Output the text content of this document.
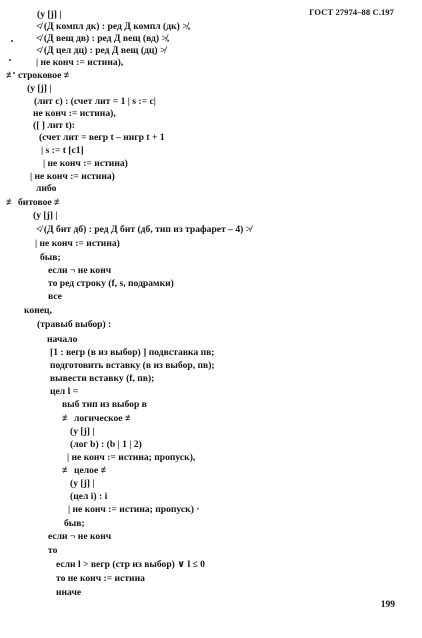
ГОСТ 27974–88 С.197
(у [j] |
≮ (Д компл дк) : ред Д компл (дк) ≯,
≮ (Д вещ дв) : ред Д вещ (вд) ≯,
≮ (Д цел дц) : ред Д вещ (дц) ≯
| не конч := истина),
≢ строковое ≢
(у [j] |
(лит с) : (счет лит = 1 | s := c|
не конч := истина),
([ ] лит t):
(счет лит = вегр t – нигр t + 1
| s := t [c1]
| не конч := истина)
| не конч := истина)
либо
≢ битовое ≢
(у [j] |
≮ (Д бит дб) : ред Д бит (дб, тип из трафарет – 4) ≯
| не конч := истина)
быв;
если ¬ не конч
то ред строку (f, s, подрамки)
все
конец,
(травыб выбор) :
начало
[1 : вегр (в из выбор) ] подвставка пв;
подготовить вставку (в из выбор, пв);
вывести вставку (f, пв);
цел l =
выб тип из выбор в
≢ логическое ≢
(у [j] |
(лог b) : (b | 1 | 2)
| не конч := истина; пропуск),
≢ целое ≢
(у [j] |
(цел i) : i
| не конч := истина; пропуск) ·
быв;
если ¬ не конч
то
если l > вегр (стр из выбор) ∨ l ≤ 0
то не конч := истина
иначе
199
